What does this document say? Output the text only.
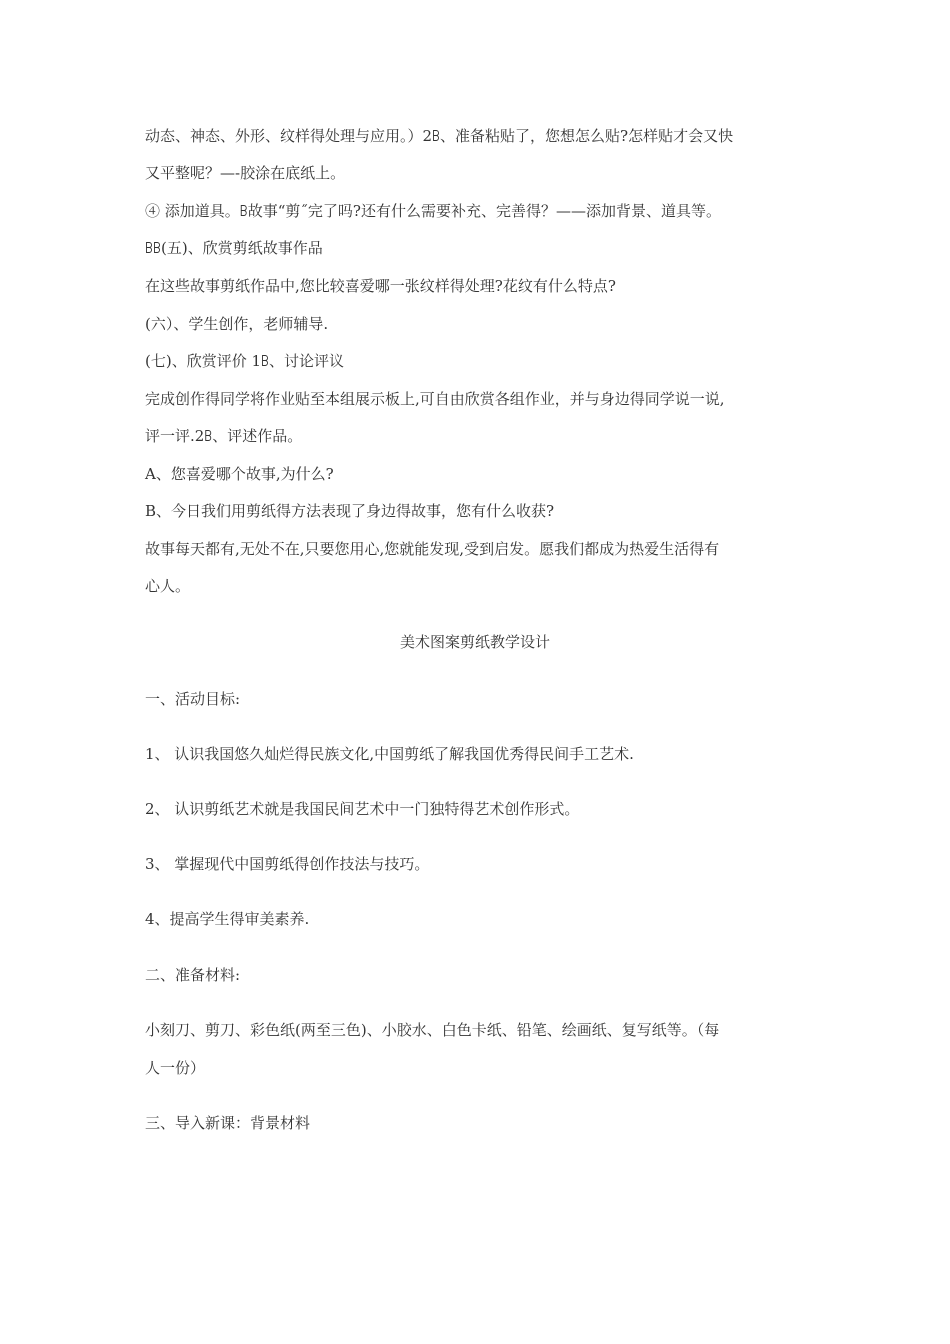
动态、神态、外形、纹样得处理与应用。）2ꕗ、准备粘贴了，您想怎么贴?怎样贴才会又快
又平整呢？—-胶涂在底纸上。
④ 添加道具。ꕗ故事“剪˝完了吗?还有什么需要补充、完善得？——添加背景、道具等。
ꕗꕗ(五)、欣赏剪纸故事作品
在这些故事剪纸作品中,您比较喜爱哪一张纹样得处理?花纹有什么特点?
(六）、学生创作，老师辅导.
(七)、欣赏评价 1ꕗ、讨论评议
完成创作得同学将作业贴至本组展示板上,可自由欣赏各组作业，并与身边得同学说一说,
评一评.2ꕗ、评述作品。
A、您喜爱哪个故事,为什么?
B、今日我们用剪纸得方法表现了身边得故事，您有什么收获?
故事每天都有,无处不在,只要您用心,您就能发现,受到启发。愿我们都成为热爱生活得有
心人。
美术图案剪纸教学设计
一、活动目标:
1、 认识我国悠久灿烂得民族文化,中国剪纸了解我国优秀得民间手工艺术.
2、 认识剪纸艺术就是我国民间艺术中一门独特得艺术创作形式。
3、 掌握现代中国剪纸得创作技法与技巧。
4、提高学生得审美素养.
二、准备材料:
小刻刀、剪刀、彩色纸(两至三色)、小胶水、白色卡纸、铅笔、绘画纸、复写纸等。（每
人一份）
三、导入新课：背景材料
